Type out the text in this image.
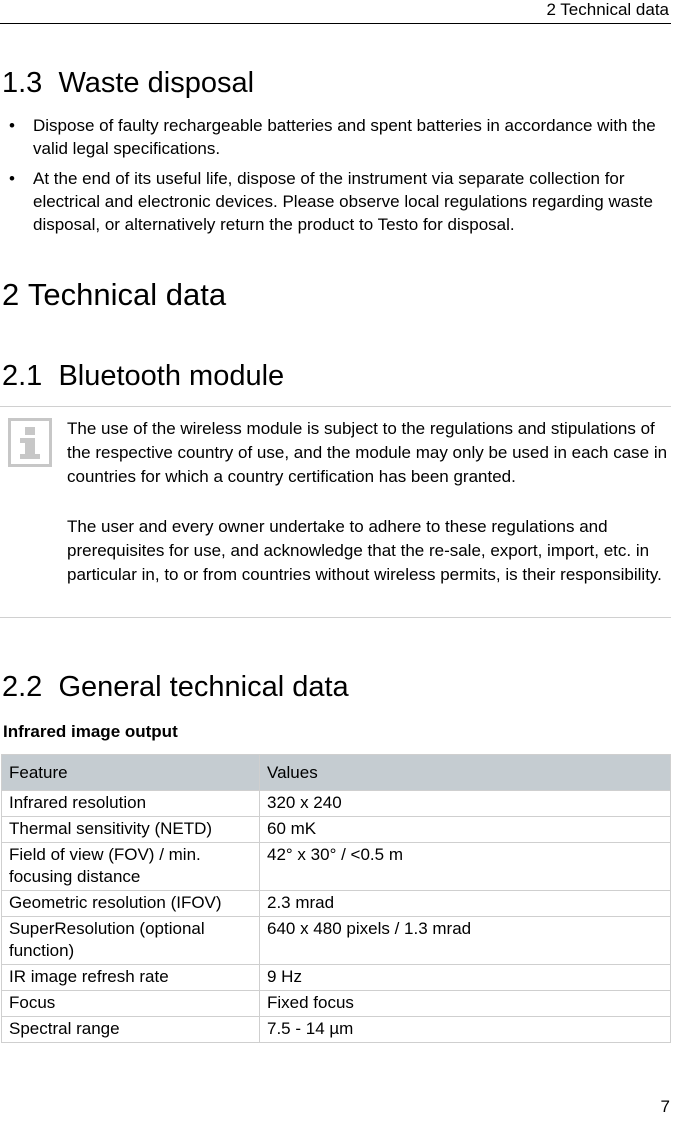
2 Technical data
1.3 Waste disposal
• Dispose of faulty rechargeable batteries and spent batteries in accordance with the valid legal specifications.
• At the end of its useful life, dispose of the instrument via separate collection for electrical and electronic devices. Please observe local regulations regarding waste disposal, or alternatively return the product to Testo for disposal.
2 Technical data
2.1 Bluetooth module

The use of the wireless module is subject to the regulations and stipulations of the respective country of use, and the module may only be used in each case in countries for which a country certification has been granted.

The user and every owner undertake to adhere to these regulations and prerequisites for use, and acknowledge that the re-sale, export, import, etc. in particular in, to or from countries without wireless permits, is their responsibility.

2.2 General technical data

Infrared image output

Feature	Values
Infrared resolution	320 x 240
Thermal sensitivity (NETD)	60 mK
Field of view (FOV) / min. focusing distance	42° x 30° / <0.5 m
Geometric resolution (IFOV)	2.3 mrad
SuperResolution (optional function)	640 x 480 pixels / 1.3 mrad
IR image refresh rate	9 Hz
Focus	Fixed focus
Spectral range	7.5 - 14 µm
7
